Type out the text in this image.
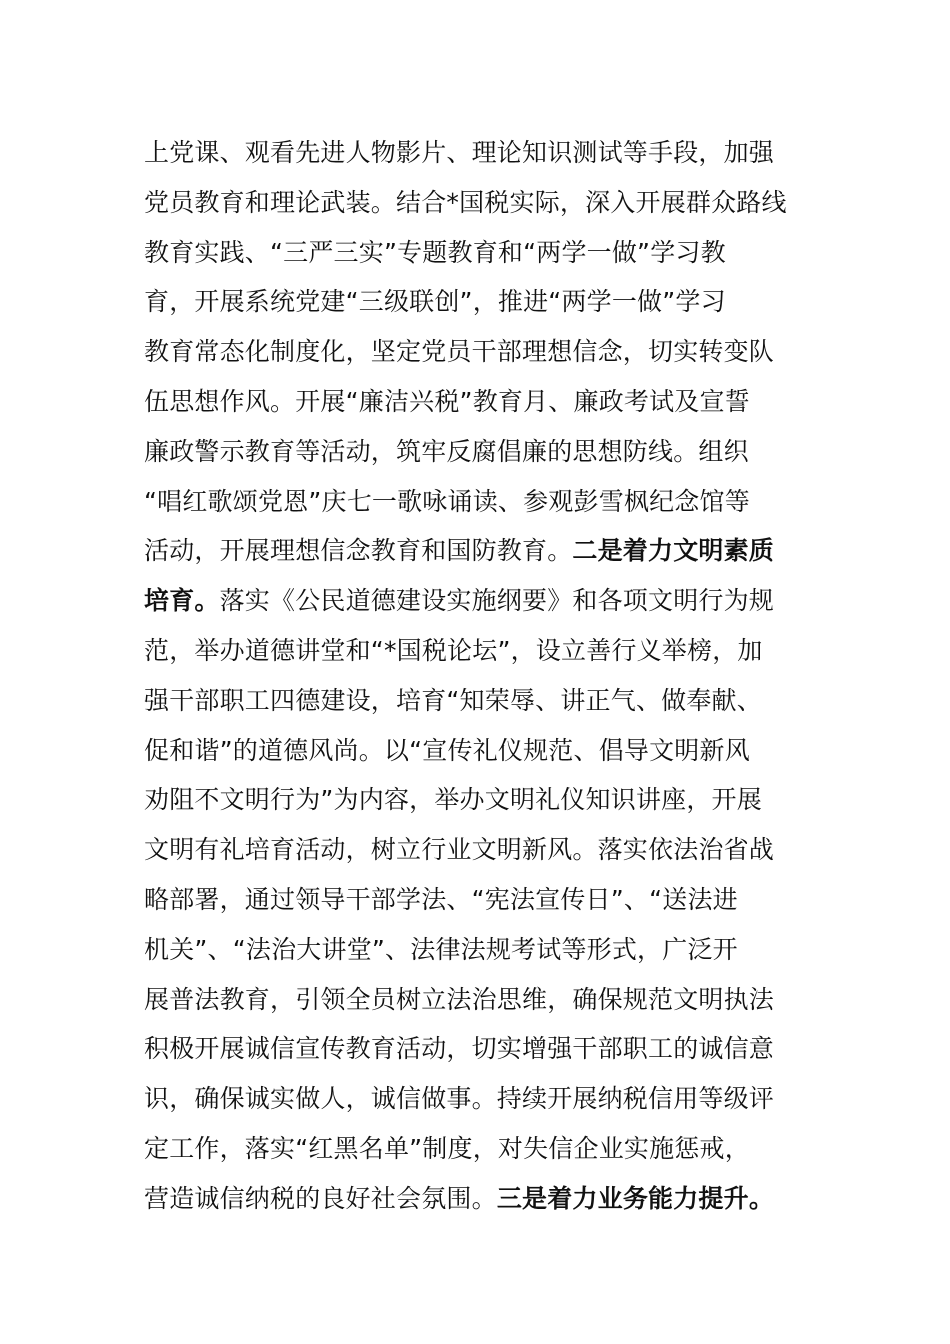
上党课、观看先进人物影片、理论知识测试等手段，加强
党员教育和理论武装。结合*国税实际，深入开展群众路线
教育实践、“三严三实”专题教育和“两学一做”学习教
育，开展系统党建“三级联创”，推进“两学一做”学习
教育常态化制度化，坚定党员干部理想信念，切实转变队
伍思想作风。开展“廉洁兴税”教育月、廉政考试及宣誓
廉政警示教育等活动，筑牢反腐倡廉的思想防线。组织
“唱红歌颂党恩”庆七一歌咏诵读、参观彭雪枫纪念馆等
活动，开展理想信念教育和国防教育。二是着力文明素质
培育。落实《公民道德建设实施纲要》和各项文明行为规
范，举办道德讲堂和“*国税论坛”，设立善行义举榜，加
强干部职工四德建设，培育“知荣辱、讲正气、做奉献、
促和谐”的道德风尚。以“宣传礼仪规范、倡导文明新风
劝阻不文明行为”为内容，举办文明礼仪知识讲座，开展
文明有礼培育活动，树立行业文明新风。落实依法治省战
略部署，通过领导干部学法、“宪法宣传日”、“送法进
机关”、“法治大讲堂”、法律法规考试等形式，广泛开
展普法教育，引领全员树立法治思维，确保规范文明执法
积极开展诚信宣传教育活动，切实增强干部职工的诚信意
识，确保诚实做人，诚信做事。持续开展纳税信用等级评
定工作，落实“红黑名单”制度，对失信企业实施惩戒，
营造诚信纳税的良好社会氛围。三是着力业务能力提升。
